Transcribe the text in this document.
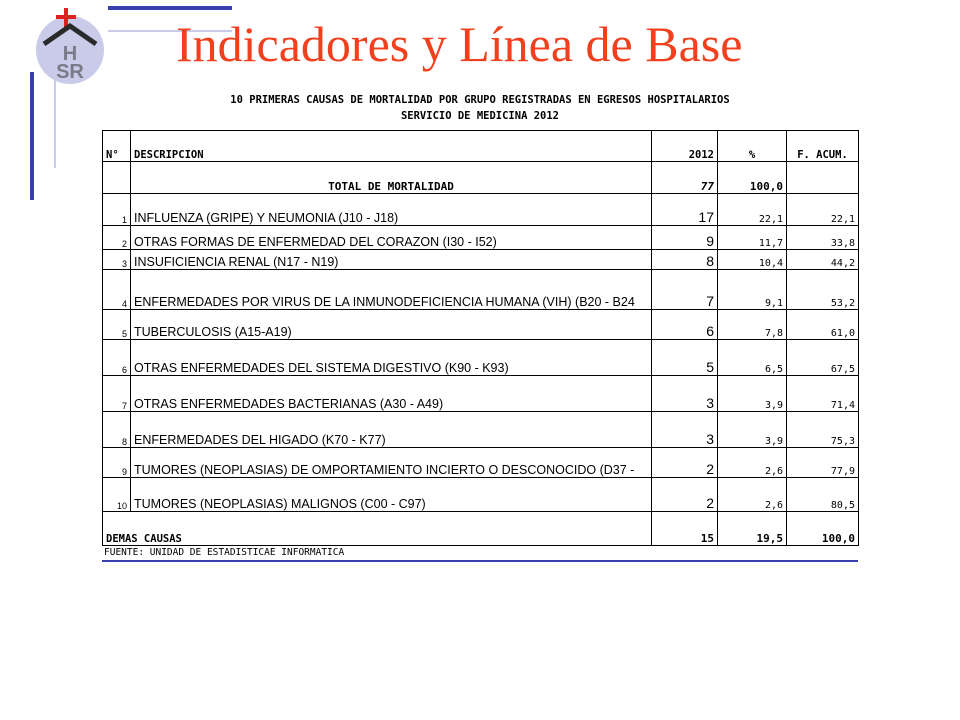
H
SR Indicadores y Línea de Base
10 PRIMERAS CAUSAS DE MORTALIDAD POR GRUPO REGISTRADAS EN EGRESOS HOSPITALARIOS
SERVICIO DE MEDICINA 2012
N°	DESCRIPCION	2012	%	F. ACUM.
	TOTAL DE MORTALIDAD	77	100,0	
1	INFLUENZA (GRIPE) Y NEUMONIA (J10 - J18)	17	22,1	22,1
2	OTRAS FORMAS DE ENFERMEDAD DEL CORAZON (I30 - I52)	9	11,7	33,8
3	INSUFICIENCIA RENAL (N17 - N19)	8	10,4	44,2
4	ENFERMEDADES POR VIRUS DE LA INMUNODEFICIENCIA HUMANA (VIH) (B20 - B24	7	9,1	53,2
5	TUBERCULOSIS (A15-A19)	6	7,8	61,0
6	OTRAS ENFERMEDADES DEL SISTEMA DIGESTIVO (K90 - K93)	5	6,5	67,5
7	OTRAS ENFERMEDADES BACTERIANAS (A30 - A49)	3	3,9	71,4
8	ENFERMEDADES DEL HIGADO (K70 - K77)	3	3,9	75,3
9	TUMORES (NEOPLASIAS) DE OMPORTAMIENTO INCIERTO O DESCONOCIDO (D37 -	2	2,6	77,9
10	TUMORES (NEOPLASIAS) MALIGNOS (C00 - C97)	2	2,6	80,5
DEMAS CAUSAS		15	19,5	100,0
FUENTE: UNIDAD DE ESTADISTICAE INFORMATICA
